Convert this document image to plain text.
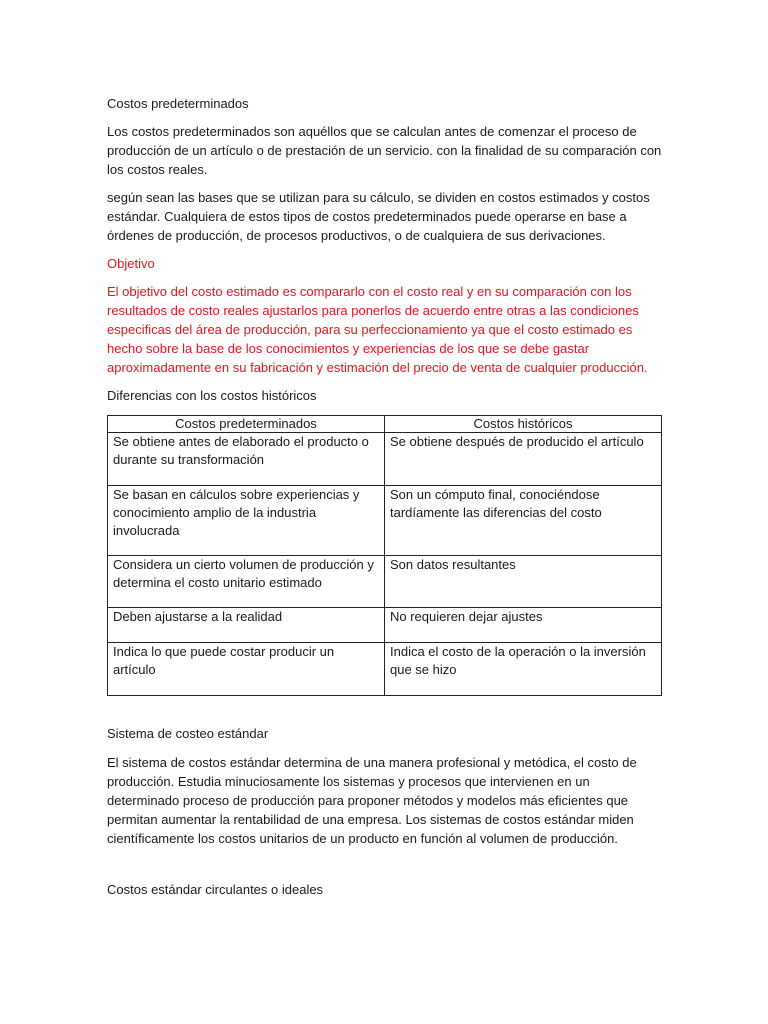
Costos predeterminados

Los costos predeterminados son aquéllos que se calculan antes de comenzar el proceso de producción de un artículo o de prestación de un servicio. con la finalidad de su comparación con los costos reales.

según sean las bases que se utilizan para su cálculo, se dividen en costos estimados y costos estándar. Cualquiera de estos tipos de costos predeterminados puede operarse en base a órdenes de producción, de procesos productivos, o de cualquiera de sus derivaciones.

Objetivo

El objetivo del costo estimado es compararlo con el costo real y en su comparación con los resultados de costo reales ajustarlos para ponerlos de acuerdo entre otras a las condiciones especificas del área de producción, para su perfeccionamiento ya que el costo estimado es hecho sobre la base de los conocimientos y experiencias de los que se debe gastar aproximadamente en su fabricación y estimación del precio de venta de cualquier producción.

Diferencias con los costos históricos

Costos predeterminados	Costos históricos
Se obtiene antes de elaborado el producto o durante su transformación	Se obtiene después de producido el artículo
Se basan en cálculos sobre experiencias y conocimiento amplio de la industria involucrada	Son un cómputo final, conociéndose tardíamente las diferencias del costo
Considera un cierto volumen de producción y determina el costo unitario estimado	Son datos resultantes
Deben ajustarse a la realidad	No requieren dejar ajustes
Indica lo que puede costar producir un artículo	Indica el costo de la operación o la inversión que se hizo

Sistema de costeo estándar

El sistema de costos estándar determina de una manera profesional y metódica, el costo de producción. Estudia minuciosamente los sistemas y procesos que intervienen en un determinado proceso de producción para proponer métodos y modelos más eficientes que permitan aumentar la rentabilidad de una empresa. Los sistemas de costos estándar miden científicamente los costos unitarios de un producto en función al volumen de producción.

Costos estándar circulantes o ideales
